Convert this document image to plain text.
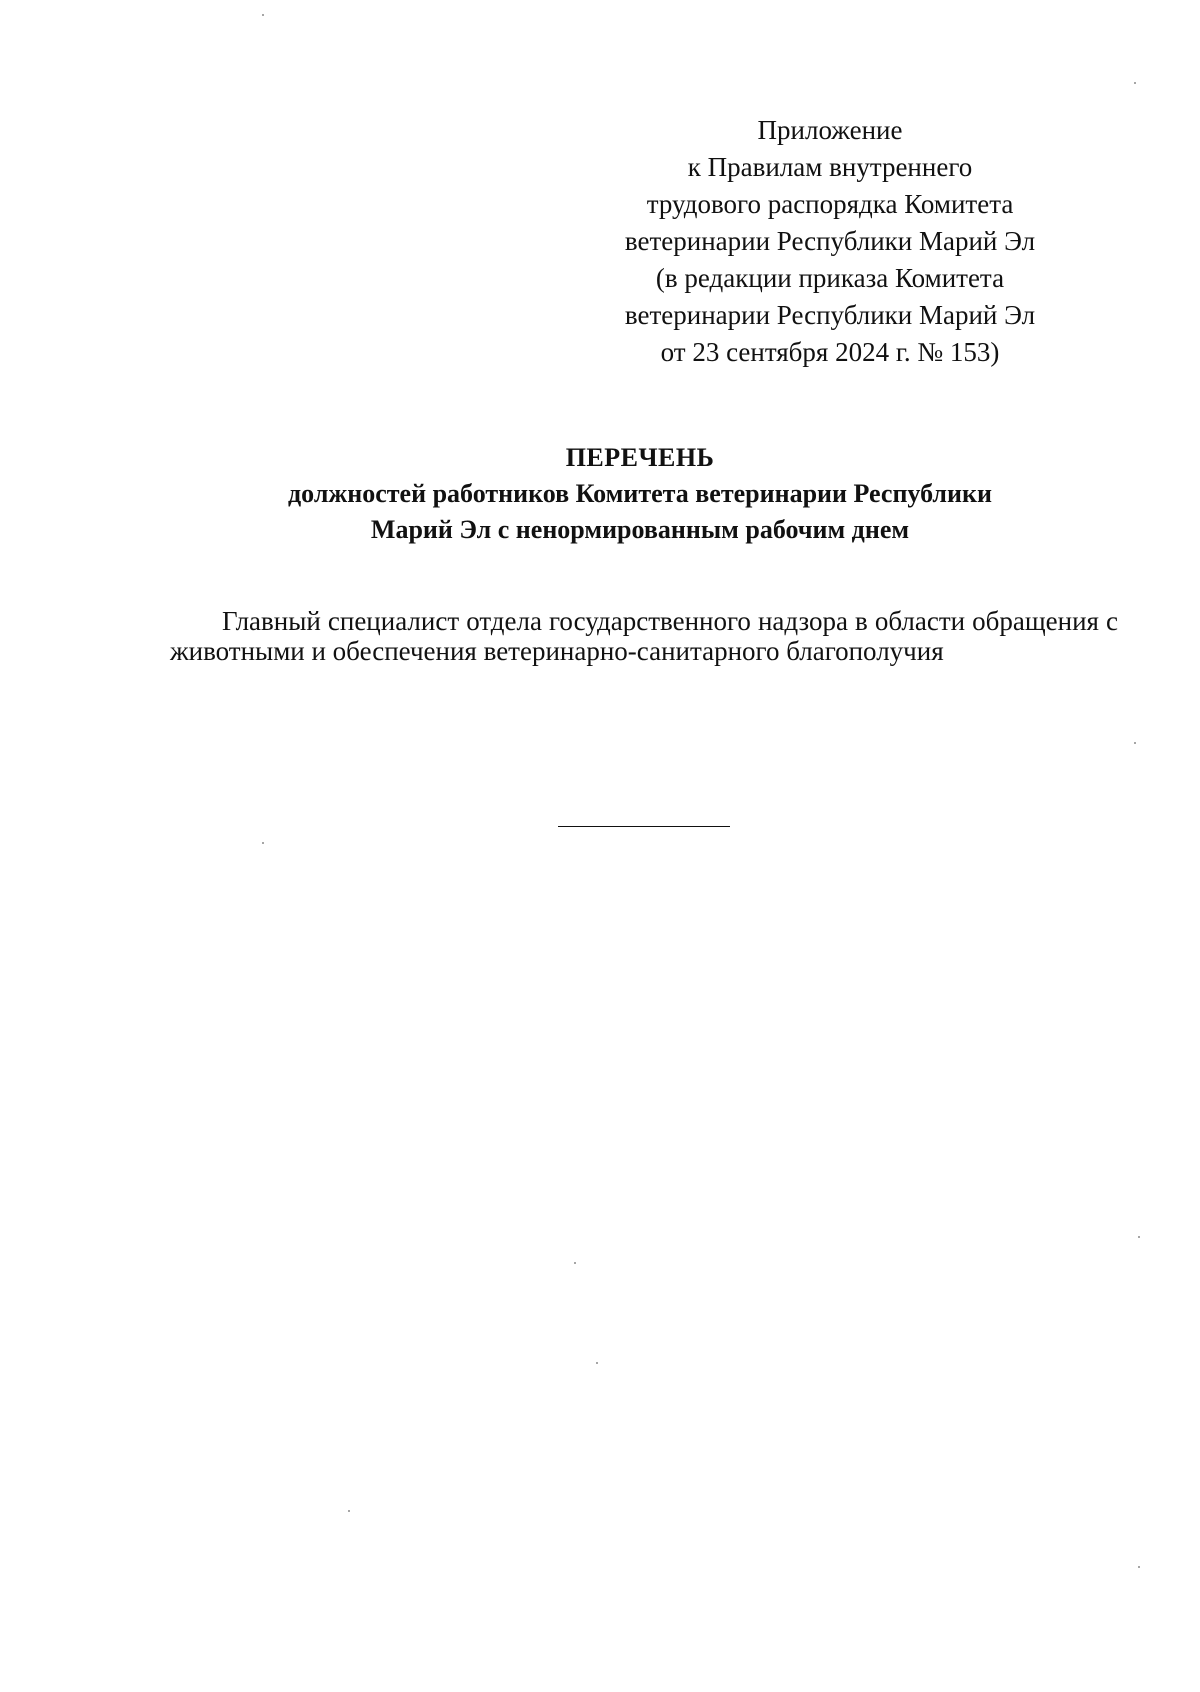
Приложение
к Правилам внутреннего
трудового распорядка Комитета
ветеринарии Республики Марий Эл
(в редакции приказа Комитета
ветеринарии Республики Марий Эл
от 23 сентября 2024 г. № 153)
ПЕРЕЧЕНЬ
должностей работников Комитета ветеринарии Республики
Марий Эл с ненормированным рабочим днем
Главный специалист отдела государственного надзора в области обращения с животными и обеспечения ветеринарно-санитарного благополучия
